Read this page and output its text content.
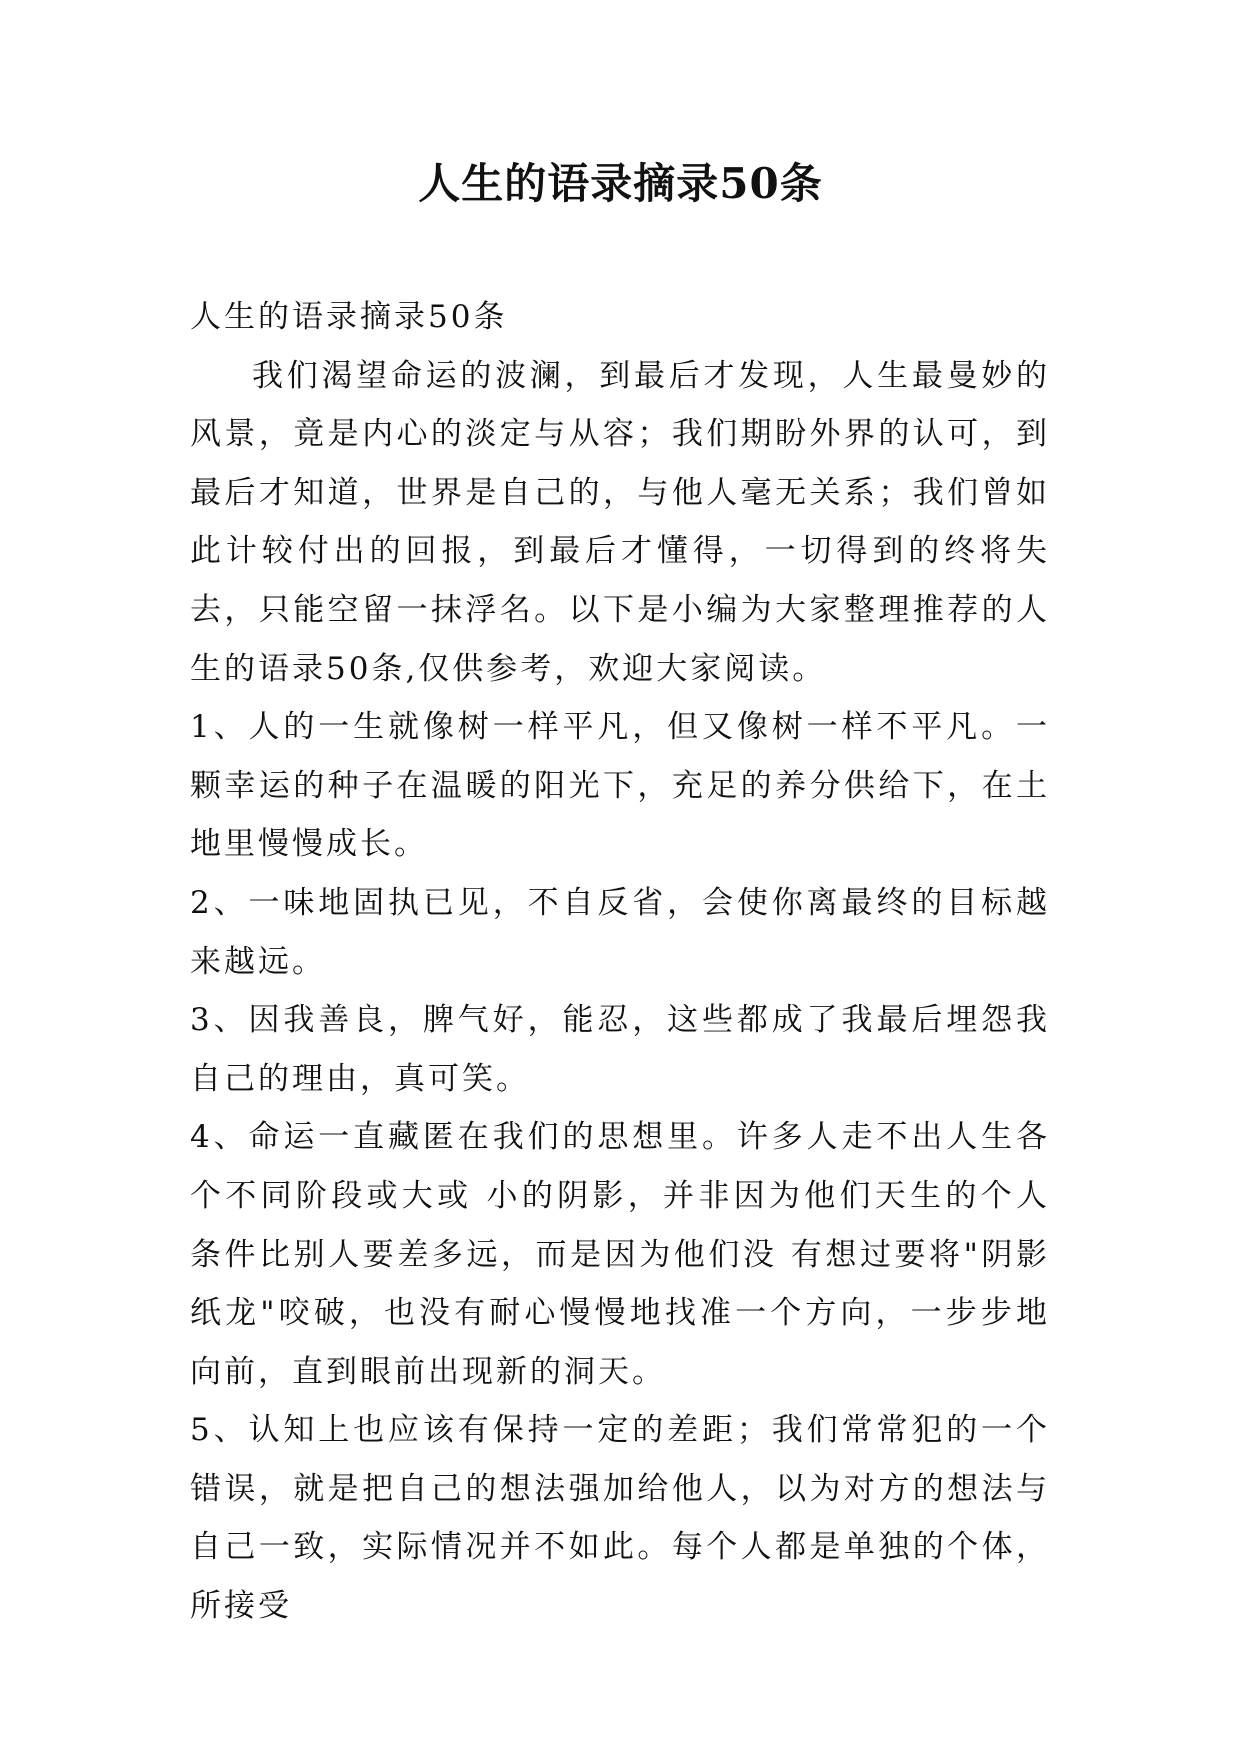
人生的语录摘录50条

人生的语录摘录50条

我们渴望命运的波澜，到最后才发现，人生最曼妙的风景，竟是内心的淡定与从容；我们期盼外界的认可，到最后才知道，世界是自己的，与他人毫无关系；我们曾如此计较付出的回报，到最后才懂得，一切得到的终将失去，只能空留一抹浮名。以下是小编为大家整理推荐的人生的语录50条,仅供参考，欢迎大家阅读。

1、人的一生就像树一样平凡，但又像树一样不平凡。一颗幸运的种子在温暖的阳光下，充足的养分供给下，在土地里慢慢成长。

2、一味地固执已见，不自反省，会使你离最终的目标越来越远。

3、因我善良，脾气好，能忍，这些都成了我最后埋怨我自己的理由，真可笑。

4、命运一直藏匿在我们的思想里。许多人走不出人生各个不同阶段或大或 小的阴影，并非因为他们天生的个人条件比别人要差多远，而是因为他们没 有想过要将"阴影纸龙"咬破，也没有耐心慢慢地找准一个方向，一步步地 向前，直到眼前出现新的洞天。

5、认知上也应该有保持一定的差距；我们常常犯的一个错误，就是把自己的想法强加给他人，以为对方的想法与自己一致，实际情况并不如此。每个人都是单独的个体，所接受
